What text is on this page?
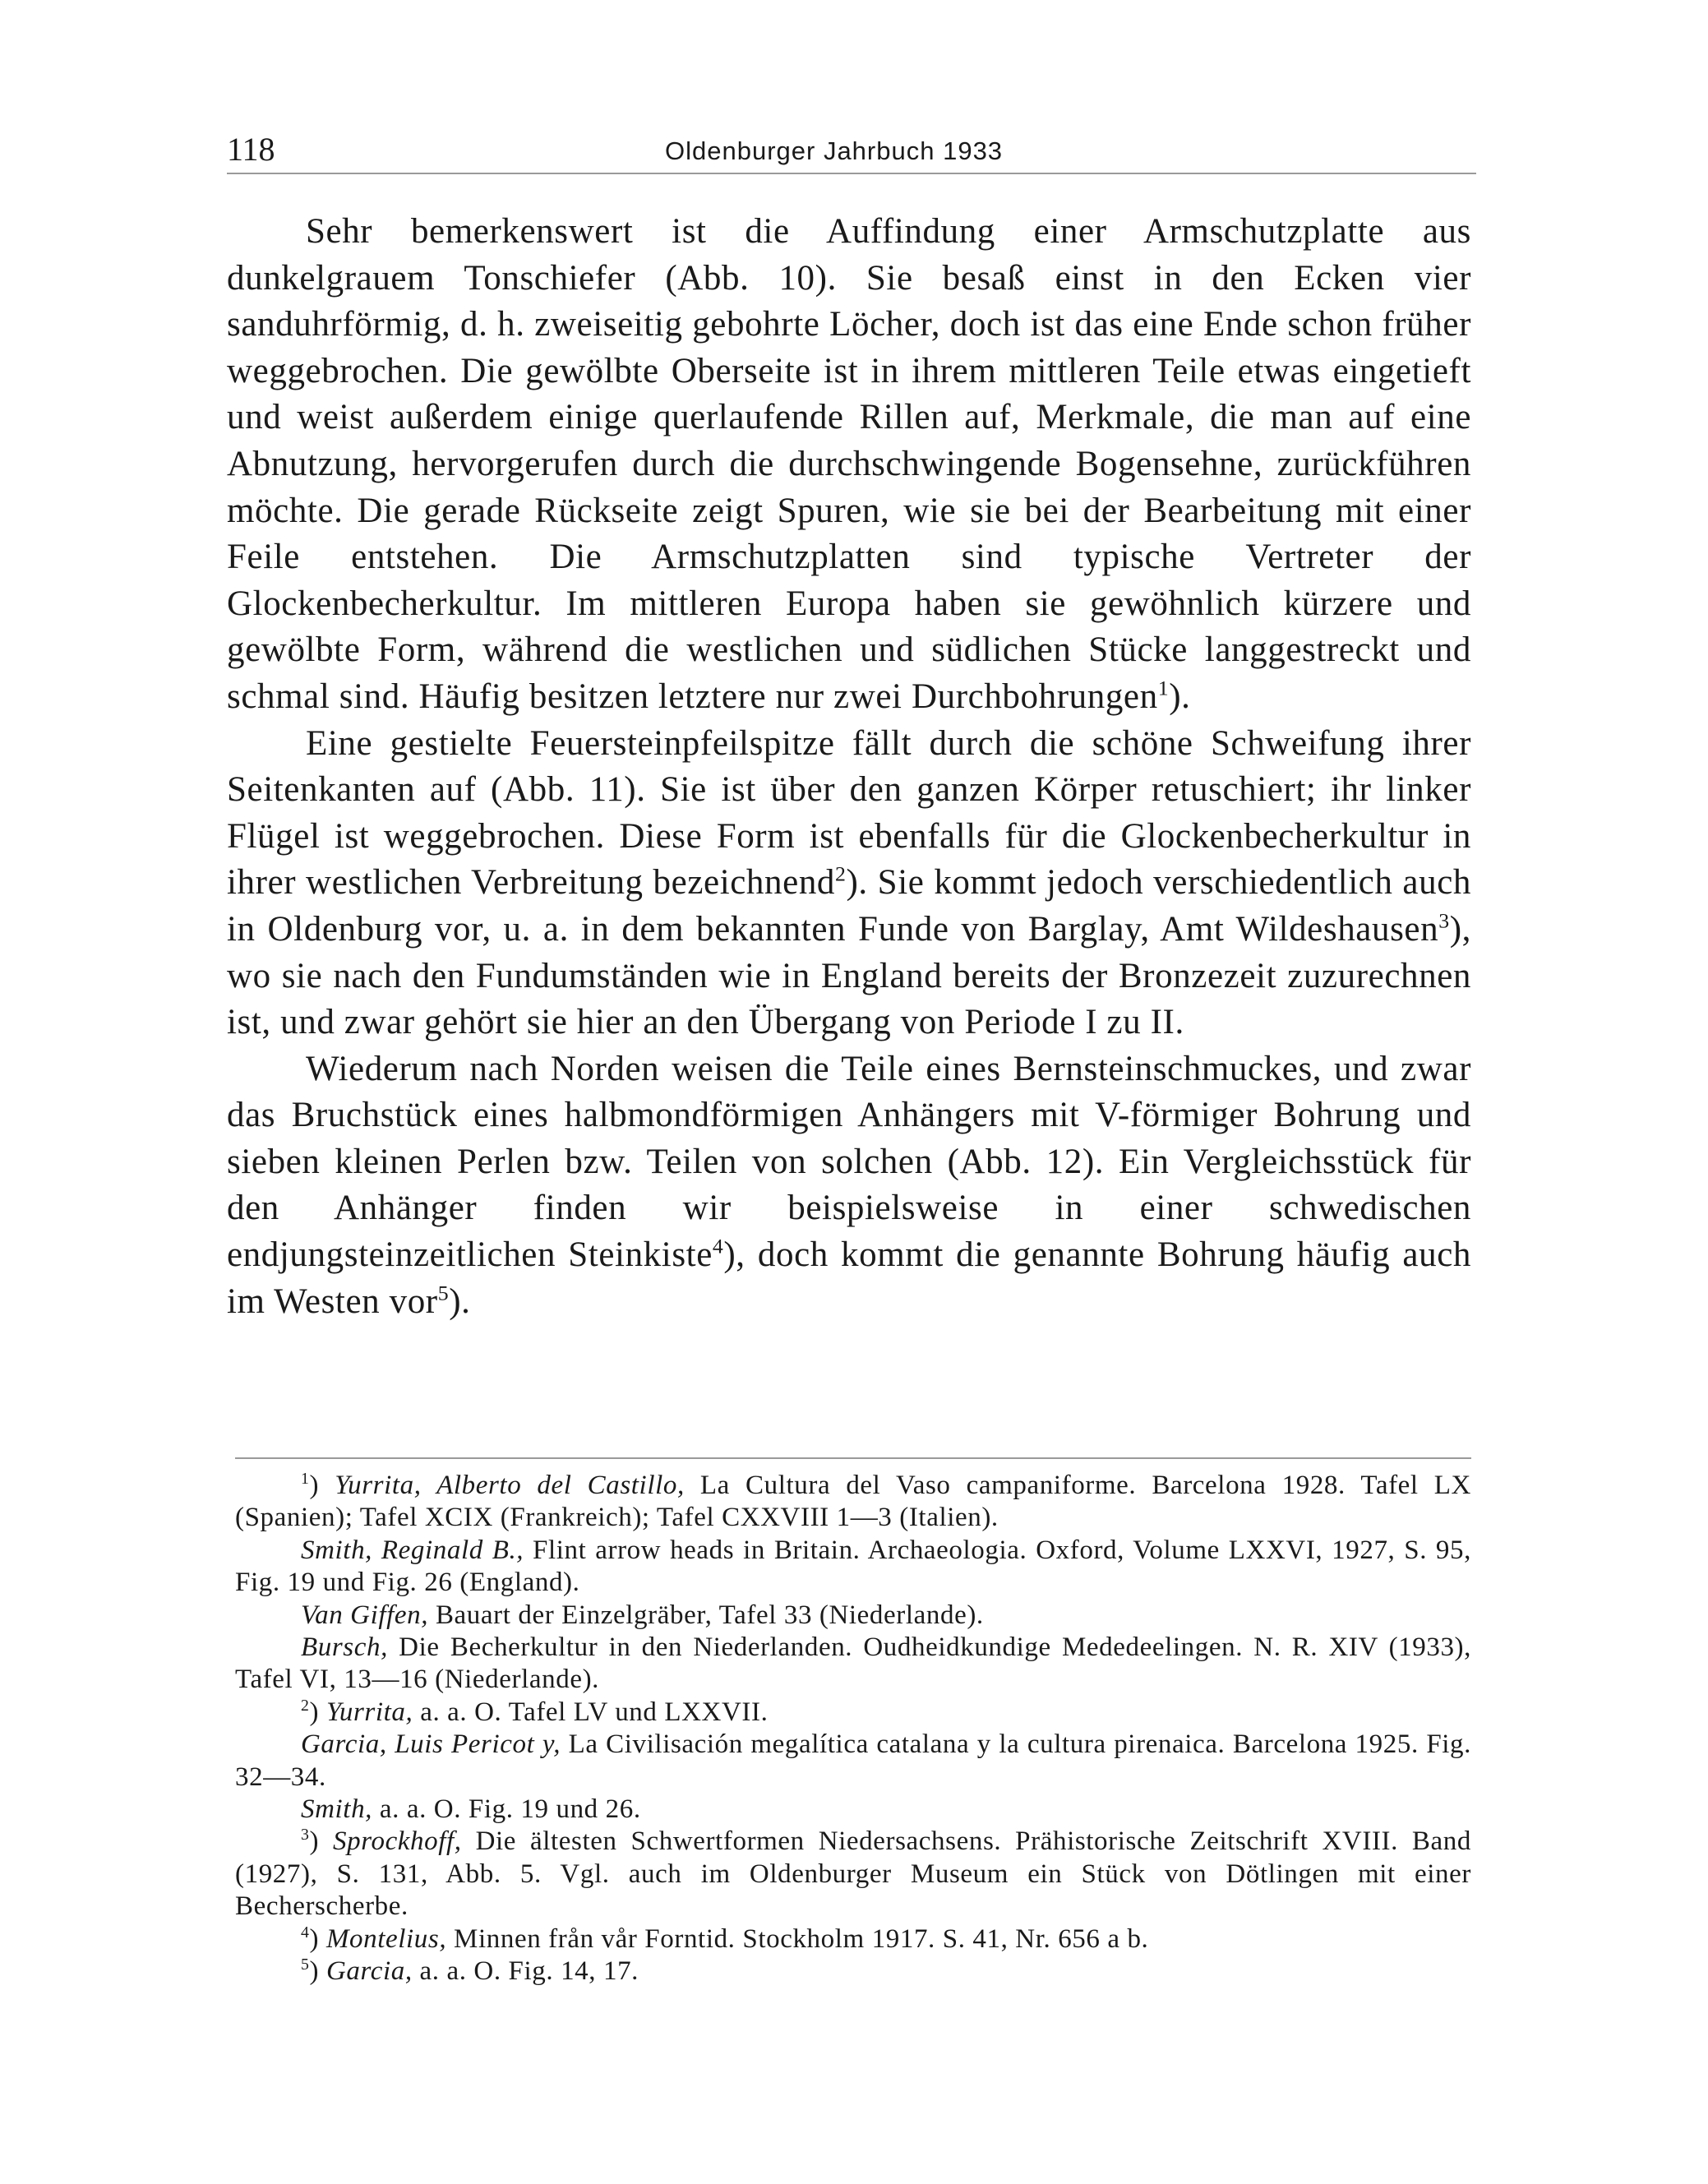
118	Oldenburger Jahrbuch 1933

Sehr bemerkenswert ist die Auffindung einer Armschutzplatte aus dunkelgrauem Tonschiefer (Abb. 10). Sie besaß einst in den Ecken vier sanduhrförmig, d. h. zweiseitig gebohrte Löcher, doch ist das eine Ende schon früher weggebrochen. Die gewölbte Oberseite ist in ihrem mittleren Teile etwas eingetieft und weist außerdem einige querlaufende Rillen auf, Merkmale, die man auf eine Abnutzung, hervorgerufen durch die durchschwingende Bogensehne, zurückführen möchte. Die gerade Rückseite zeigt Spuren, wie sie bei der Bearbeitung mit einer Feile entstehen. Die Armschutzplatten sind typische Vertreter der Glockenbecherkultur. Im mittleren Europa haben sie gewöhnlich kürzere und gewölbte Form, während die westlichen und südlichen Stücke langgestreckt und schmal sind. Häufig besitzen letztere nur zwei Durchbohrungen$^1$).

Eine gestielte Feuersteinpfeilspitze fällt durch die schöne Schweifung ihrer Seitenkanten auf (Abb. 11). Sie ist über den ganzen Körper retuschiert; ihr linker Flügel ist weggebrochen. Diese Form ist ebenfalls für die Glockenbecherkultur in ihrer westlichen Verbreitung bezeichnend$^2$). Sie kommt jedoch verschiedentlich auch in Oldenburg vor, u. a. in dem bekannten Funde von Barglay, Amt Wildeshausen$^3$), wo sie nach den Fundumständen wie in England bereits der Bronzezeit zuzurechnen ist, und zwar gehört sie hier an den Übergang von Periode I zu II.

Wiederum nach Norden weisen die Teile eines Bernsteinschmuckes, und zwar das Bruchstück eines halbmondförmigen Anhängers mit V-förmiger Bohrung und sieben kleinen Perlen bzw. Teilen von solchen (Abb. 12). Ein Vergleichsstück für den Anhänger finden wir beispielsweise in einer schwedischen endjungsteinzeitlichen Steinkiste$^4$), doch kommt die genannte Bohrung häufig auch im Westen vor$^5$).

$^1$) Yurrita, Alberto del Castillo, La Cultura del Vaso campaniforme. Barcelona 1928. Tafel LX (Spanien); Tafel XCIX (Frankreich); Tafel CXXVIII 1—3 (Italien).

Smith, Reginald B., Flint arrow heads in Britain. Archaeologia. Oxford, Volume LXXVI, 1927, S. 95, Fig. 19 und Fig. 26 (England).

Van Giffen, Bauart der Einzelgräber, Tafel 33 (Niederlande).

Bursch, Die Becherkultur in den Niederlanden. Oudheidkundige Mededeelingen. N. R. XIV (1933), Tafel VI, 13—16 (Niederlande).

$^2$) Yurrita, a. a. O. Tafel LV und LXXVII.

Garcia, Luis Pericot y, La Civilisación megalítica catalana y la cultura pirenaica. Barcelona 1925. Fig. 32—34.

Smith, a. a. O. Fig. 19 und 26.

$^3$) Sprockhoff, Die ältesten Schwertformen Niedersachsens. Prähistorische Zeitschrift XVIII. Band (1927), S. 131, Abb. 5. Vgl. auch im Oldenburger Museum ein Stück von Dötlingen mit einer Becherscherbe.

$^4$) Montelius, Minnen från vår Forntid. Stockholm 1917. S. 41, Nr. 656 a b.

$^5$) Garcia, a. a. O. Fig. 14, 17.
